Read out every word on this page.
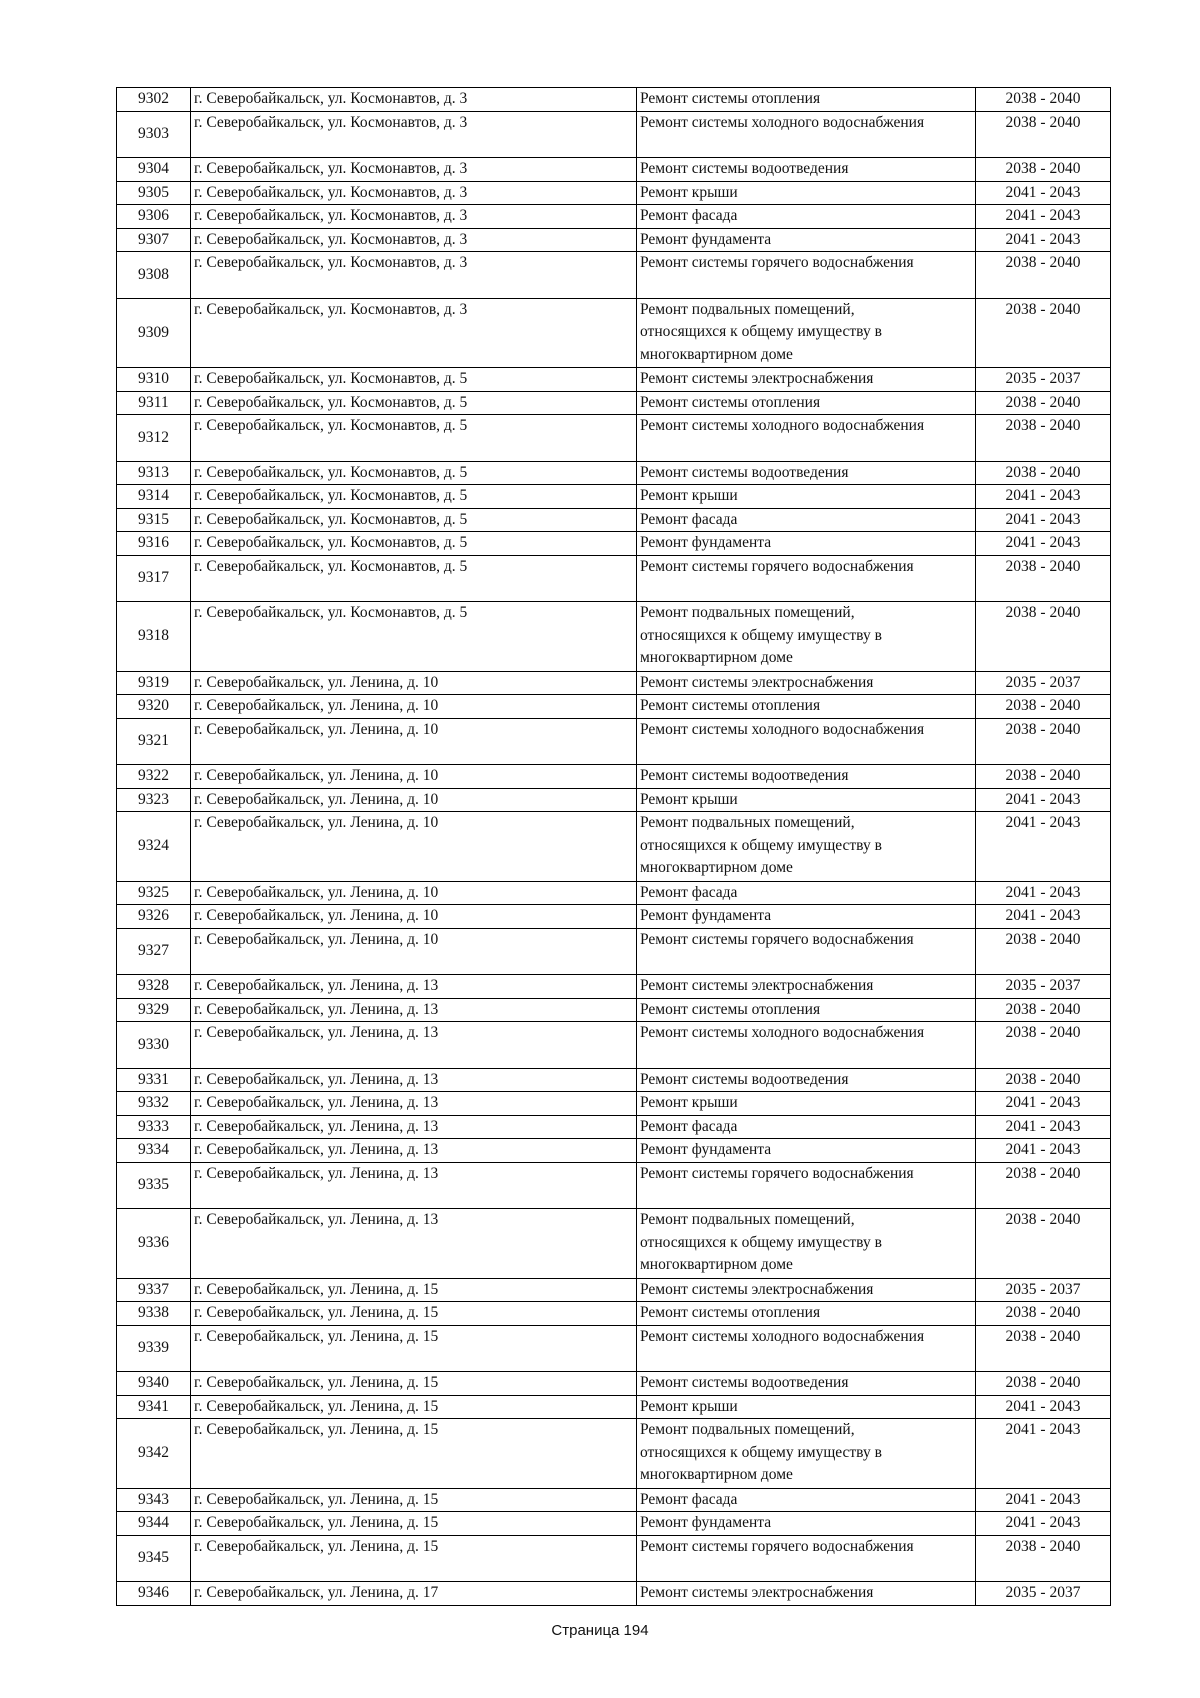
9302	г. Северобайкальск, ул. Космонавтов, д. 3	Ремонт системы отопления	2038 - 2040
9303	г. Северобайкальск, ул. Космонавтов, д. 3	Ремонт системы холодного водоснабжения	2038 - 2040
9304	г. Северобайкальск, ул. Космонавтов, д. 3	Ремонт системы водоотведения	2038 - 2040
9305	г. Северобайкальск, ул. Космонавтов, д. 3	Ремонт крыши	2041 - 2043
9306	г. Северобайкальск, ул. Космонавтов, д. 3	Ремонт фасада	2041 - 2043
9307	г. Северобайкальск, ул. Космонавтов, д. 3	Ремонт фундамента	2041 - 2043
9308	г. Северобайкальск, ул. Космонавтов, д. 3	Ремонт системы горячего водоснабжения	2038 - 2040
9309	г. Северобайкальск, ул. Космонавтов, д. 3	Ремонт подвальных помещений,
относящихся к общему имуществу в
многоквартирном доме	2038 - 2040
9310	г. Северобайкальск, ул. Космонавтов, д. 5	Ремонт системы электроснабжения	2035 - 2037
9311	г. Северобайкальск, ул. Космонавтов, д. 5	Ремонт системы отопления	2038 - 2040
9312	г. Северобайкальск, ул. Космонавтов, д. 5	Ремонт системы холодного водоснабжения	2038 - 2040
9313	г. Северобайкальск, ул. Космонавтов, д. 5	Ремонт системы водоотведения	2038 - 2040
9314	г. Северобайкальск, ул. Космонавтов, д. 5	Ремонт крыши	2041 - 2043
9315	г. Северобайкальск, ул. Космонавтов, д. 5	Ремонт фасада	2041 - 2043
9316	г. Северобайкальск, ул. Космонавтов, д. 5	Ремонт фундамента	2041 - 2043
9317	г. Северобайкальск, ул. Космонавтов, д. 5	Ремонт системы горячего водоснабжения	2038 - 2040
9318	г. Северобайкальск, ул. Космонавтов, д. 5	Ремонт подвальных помещений,
относящихся к общему имуществу в
многоквартирном доме	2038 - 2040
9319	г. Северобайкальск, ул. Ленина, д. 10	Ремонт системы электроснабжения	2035 - 2037
9320	г. Северобайкальск, ул. Ленина, д. 10	Ремонт системы отопления	2038 - 2040
9321	г. Северобайкальск, ул. Ленина, д. 10	Ремонт системы холодного водоснабжения	2038 - 2040
9322	г. Северобайкальск, ул. Ленина, д. 10	Ремонт системы водоотведения	2038 - 2040
9323	г. Северобайкальск, ул. Ленина, д. 10	Ремонт крыши	2041 - 2043
9324	г. Северобайкальск, ул. Ленина, д. 10	Ремонт подвальных помещений,
относящихся к общему имуществу в
многоквартирном доме	2041 - 2043
9325	г. Северобайкальск, ул. Ленина, д. 10	Ремонт фасада	2041 - 2043
9326	г. Северобайкальск, ул. Ленина, д. 10	Ремонт фундамента	2041 - 2043
9327	г. Северобайкальск, ул. Ленина, д. 10	Ремонт системы горячего водоснабжения	2038 - 2040
9328	г. Северобайкальск, ул. Ленина, д. 13	Ремонт системы электроснабжения	2035 - 2037
9329	г. Северобайкальск, ул. Ленина, д. 13	Ремонт системы отопления	2038 - 2040
9330	г. Северобайкальск, ул. Ленина, д. 13	Ремонт системы холодного водоснабжения	2038 - 2040
9331	г. Северобайкальск, ул. Ленина, д. 13	Ремонт системы водоотведения	2038 - 2040
9332	г. Северобайкальск, ул. Ленина, д. 13	Ремонт крыши	2041 - 2043
9333	г. Северобайкальск, ул. Ленина, д. 13	Ремонт фасада	2041 - 2043
9334	г. Северобайкальск, ул. Ленина, д. 13	Ремонт фундамента	2041 - 2043
9335	г. Северобайкальск, ул. Ленина, д. 13	Ремонт системы горячего водоснабжения	2038 - 2040
9336	г. Северобайкальск, ул. Ленина, д. 13	Ремонт подвальных помещений,
относящихся к общему имуществу в
многоквартирном доме	2038 - 2040
9337	г. Северобайкальск, ул. Ленина, д. 15	Ремонт системы электроснабжения	2035 - 2037
9338	г. Северобайкальск, ул. Ленина, д. 15	Ремонт системы отопления	2038 - 2040
9339	г. Северобайкальск, ул. Ленина, д. 15	Ремонт системы холодного водоснабжения	2038 - 2040
9340	г. Северобайкальск, ул. Ленина, д. 15	Ремонт системы водоотведения	2038 - 2040
9341	г. Северобайкальск, ул. Ленина, д. 15	Ремонт крыши	2041 - 2043
9342	г. Северобайкальск, ул. Ленина, д. 15	Ремонт подвальных помещений,
относящихся к общему имуществу в
многоквартирном доме	2041 - 2043
9343	г. Северобайкальск, ул. Ленина, д. 15	Ремонт фасада	2041 - 2043
9344	г. Северобайкальск, ул. Ленина, д. 15	Ремонт фундамента	2041 - 2043
9345	г. Северобайкальск, ул. Ленина, д. 15	Ремонт системы горячего водоснабжения	2038 - 2040
9346	г. Северобайкальск, ул. Ленина, д. 17	Ремонт системы электроснабжения	2035 - 2037
Страница 194
